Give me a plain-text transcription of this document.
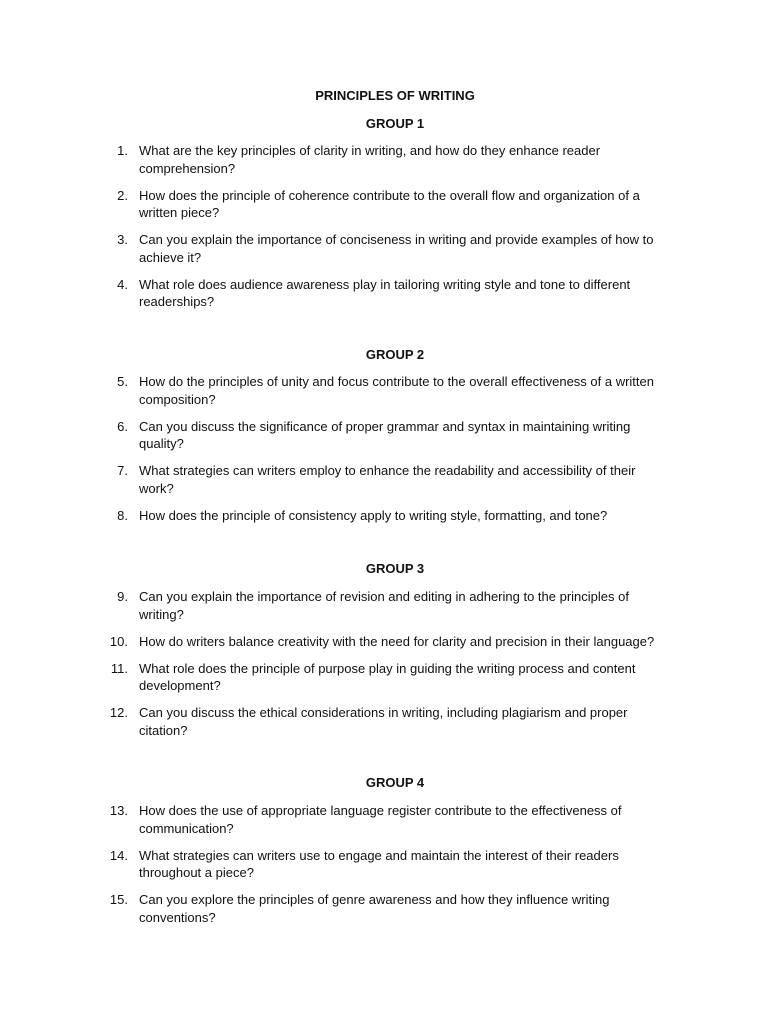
PRINCIPLES OF WRITING
GROUP 1
1. What are the key principles of clarity in writing, and how do they enhance reader comprehension?
2. How does the principle of coherence contribute to the overall flow and organization of a written piece?
3. Can you explain the importance of conciseness in writing and provide examples of how to achieve it?
4. What role does audience awareness play in tailoring writing style and tone to different readerships?
GROUP 2
5. How do the principles of unity and focus contribute to the overall effectiveness of a written composition?
6. Can you discuss the significance of proper grammar and syntax in maintaining writing quality?
7. What strategies can writers employ to enhance the readability and accessibility of their work?
8. How does the principle of consistency apply to writing style, formatting, and tone?
GROUP 3
9. Can you explain the importance of revision and editing in adhering to the principles of writing?
10. How do writers balance creativity with the need for clarity and precision in their language?
11. What role does the principle of purpose play in guiding the writing process and content development?
12. Can you discuss the ethical considerations in writing, including plagiarism and proper citation?
GROUP 4
13. How does the use of appropriate language register contribute to the effectiveness of communication?
14. What strategies can writers use to engage and maintain the interest of their readers throughout a piece?
15. Can you explore the principles of genre awareness and how they influence writing conventions?
